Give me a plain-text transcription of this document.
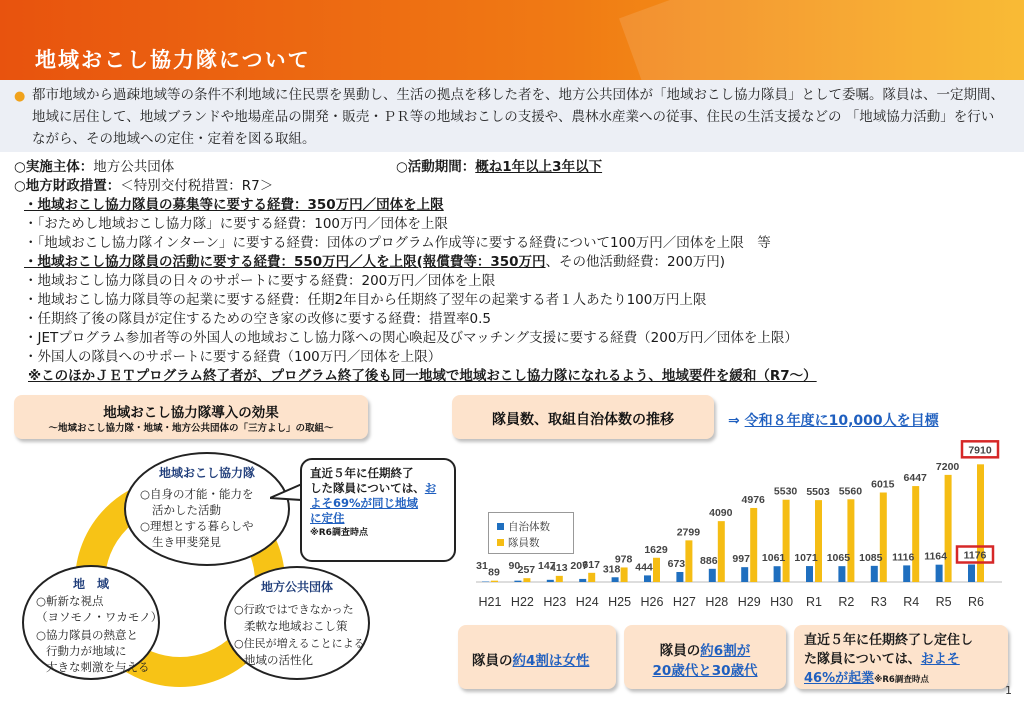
地域おこし協力隊について
● 都市地域から過疎地域等の条件不利地域に住民票を異動し、生活の拠点を移した者を、地方公共団体が「地域おこし協力隊員」として委嘱。隊員は、一定期間、地域に居住して、地域ブランドや地場産品の開発・販売・ＰＲ等の地域おこしの支援や、農林水産業への従事、住民の生活支援などの 「地域協力活動」を行いながら、その地域への定住・定着を図る取組。
○実施主体：地方公共団体	○活動期間：概ね1年以上3年以下
○地方財政措置：＜特別交付税措置：R7＞
・地域おこし協力隊員の募集等に要する経費：350万円／団体を上限
・「おためし地域おこし協力隊」に要する経費：100万円／団体を上限
・「地域おこし協力隊インターン」に要する経費：団体のプログラム作成等に要する経費について100万円／団体を上限　等
・地域おこし協力隊員の活動に要する経費：550万円／人を上限(報償費等：350万円、その他活動経費：200万円)
・地域おこし協力隊員の日々のサポートに要する経費：200万円／団体を上限
・地域おこし協力隊員等の起業に要する経費：任期2年目から任期終了翌年の起業する者１人あたり100万円上限
・任期終了後の隊員が定住するための空き家の改修に要する経費：措置率0.5
・JETプログラム参加者等の外国人の地域おこし協力隊への関心喚起及びマッチング支援に要する経費（200万円／団体を上限）
・外国人の隊員へのサポートに要する経費（100万円／団体を上限）
※このほかＪＥＴプログラム終了者が、プログラム終了後も同一地域で地域おこし協力隊になれるよう、地域要件を緩和（R7～）
地域おこし協力隊導入の効果
～地域おこし協力隊・地域・地方公共団体の「三方よし」の取組～
地域おこし協力隊
○自身の才能・能力を
活かした活動
○理想とする暮らしや
生き甲斐発見
地　域
○斬新な視点
（ヨソモノ・ワカモノ）
○協力隊員の熱意と
行動力が地域に
大きな刺激を与える
地方公共団体
○行政ではできなかった
柔軟な地域おこし策
○住民が増えることによる
地域の活性化
直近５年に任期終了
した隊員については、お
よそ69%が同じ地域
に定住
※R6調査時点
隊員数、取組自治体数の推移	⇒ 令和８年度に10,000人を目標
89
31
H21
257
90
H22
413
147
H23
617
207
H24
978
318
H25
1629
444
H26
2799
673
H27
4090
886
H28
4976
997
H29
5530
1061
H30
5503
1071
R1
5560
1065
R2
6015
1085
R3
6447
1116
R4
7200
1164
R5
7910
1176
R6
自治体数
隊員数
隊員の約4割は女性
隊員の約6割が
20歳代と30歳代
直近５年に任期終了し定住し
た隊員については、およそ
46%が起業※R6調査時点
1
